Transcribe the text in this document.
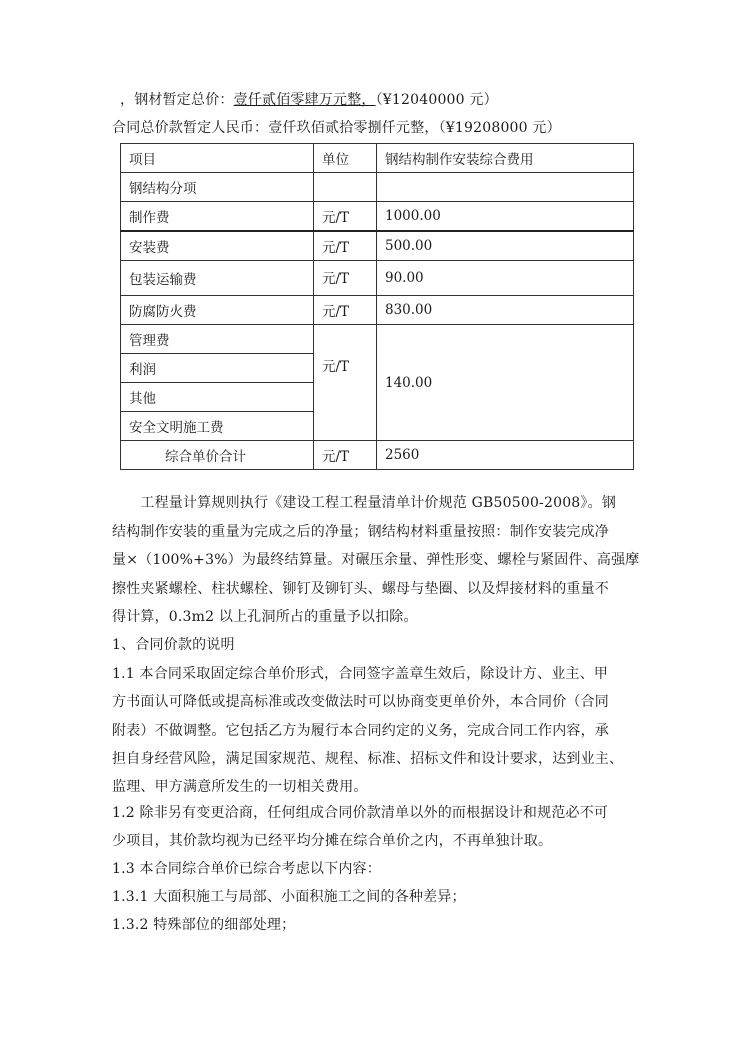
，钢材暂定总价：壹仟贰佰零肆万元整，（¥12040000 元）
合同总价款暂定人民币：壹仟玖佰贰拾零捌仟元整，（¥19208000 元）
项目	单位	钢结构制作安装综合费用
钢结构分项		
制作费	元/T	1000.00
安装费	元/T	500.00
包装运输费	元/T	90.00
防腐防火费	元/T	830.00
管理费	元/T	140.00
利润		
其他		
安全文明施工费		
综合单价合计	元/T	2560
　　工程量计算规则执行《建设工程工程量清单计价规范 GB50500-2008》。钢
结构制作安装的重量为完成之后的净量；钢结构材料重量按照：制作安装完成净
量×（100%+3%）为最终结算量。对碾压余量、弹性形变、螺栓与紧固件、高强摩
擦性夹紧螺栓、柱状螺栓、铆钉及铆钉头、螺母与垫圈、以及焊接材料的重量不
得计算，0.3m2 以上孔洞所占的重量予以扣除。
1、合同价款的说明
1.1 本合同采取固定综合单价形式，合同签字盖章生效后，除设计方、业主、甲
方书面认可降低或提高标准或改变做法时可以协商变更单价外，本合同价（合同
附表）不做调整。它包括乙方为履行本合同约定的义务，完成合同工作内容，承
担自身经营风险，满足国家规范、规程、标准、招标文件和设计要求，达到业主、
监理、甲方满意所发生的一切相关费用。
1.2 除非另有变更洽商，任何组成合同价款清单以外的而根据设计和规范必不可
少项目，其价款均视为已经平均分摊在综合单价之内，不再单独计取。
1.3 本合同综合单价已综合考虑以下内容：
1.3.1 大面积施工与局部、小面积施工之间的各种差异；
1.3.2 特殊部位的细部处理；
